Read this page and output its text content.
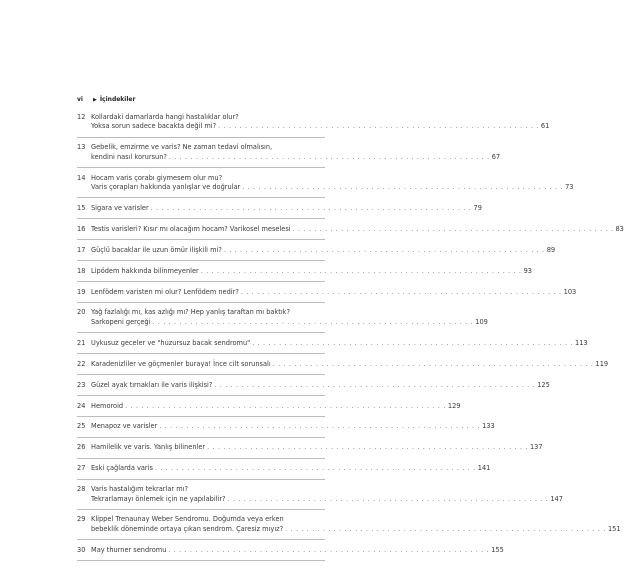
vi ▶ İçindekiler
12 Kollardaki damarlarda hangi hastalıklar olur?
Yoksa sorun sadece bacakta değil mi? . . . . . . . . . . . . . . . . . . . . . . . . . . . . . . . . . . . . . . . . . . . . . . . . . . . . . . . . . . . . 61
13 Gebelik, emzirme ve varis? Ne zaman tedavi olmalısın,
kendini nasıl korursun? . . . . . . . . . . . . . . . . . . . . . . . . . . . . . . . . . . . . . . . . . . . . . . . . . . . . . . . . . . . . 67
14 Hocam varis çorabı giymesem olur mu?
Varis çorapları hakkında yanlışlar ve doğrular . . . . . . . . . . . . . . . . . . . . . . . . . . . . . . . . . . . . . . . . . . . . . . . . . . . . . . . . . . . . 73
15 Sigara ve varisler . . . . . . . . . . . . . . . . . . . . . . . . . . . . . . . . . . . . . . . . . . . . . . . . . . . . . . . . . . . . 79
16 Testis varisleri? Kısır mı olacağım hocam? Varikosel meselesi . . . . . . . . . . . . . . . . . . . . . . . . . . . . . . . . . . . . . . . . . . . . . . . . . . . . . . . . . . . . 83
17 Güçlü bacaklar ile uzun ömür ilişkili mi? . . . . . . . . . . . . . . . . . . . . . . . . . . . . . . . . . . . . . . . . . . . . . . . . . . . . . . . . . . . . 89
18 Lipödem hakkında bilinmeyenler . . . . . . . . . . . . . . . . . . . . . . . . . . . . . . . . . . . . . . . . . . . . . . . . . . . . . . . . . . . . 93
19 Lenfödem varisten mi olur? Lenfödem nedir? . . . . . . . . . . . . . . . . . . . . . . . . . . . . . . . . . . . . . . . . . . . . . . . . . . . . . . . . . . . . 103
20 Yağ fazlalığı mı, kas azlığı mı? Hep yanlış taraftan mı baktık?
Sarkopeni gerçeği . . . . . . . . . . . . . . . . . . . . . . . . . . . . . . . . . . . . . . . . . . . . . . . . . . . . . . . . . . . . 109
21 Uykusuz geceler ve "huzursuz bacak sendromu" . . . . . . . . . . . . . . . . . . . . . . . . . . . . . . . . . . . . . . . . . . . . . . . . . . . . . . . . . . . . 113
22 Karadenizliler ve göçmenler buraya! İnce cilt sorunsalı . . . . . . . . . . . . . . . . . . . . . . . . . . . . . . . . . . . . . . . . . . . . . . . . . . . . . . . . . . . . 119
23 Güzel ayak tırnakları ile varis ilişkisi? . . . . . . . . . . . . . . . . . . . . . . . . . . . . . . . . . . . . . . . . . . . . . . . . . . . . . . . . . . . . 125
24 Hemoroid . . . . . . . . . . . . . . . . . . . . . . . . . . . . . . . . . . . . . . . . . . . . . . . . . . . . . . . . . . . . 129
25 Menapoz ve varisler . . . . . . . . . . . . . . . . . . . . . . . . . . . . . . . . . . . . . . . . . . . . . . . . . . . . . . . . . . . . 133
26 Hamilelik ve varis. Yanlış bilinenler . . . . . . . . . . . . . . . . . . . . . . . . . . . . . . . . . . . . . . . . . . . . . . . . . . . . . . . . . . . . 137
27 Eski çağlarda varis . . . . . . . . . . . . . . . . . . . . . . . . . . . . . . . . . . . . . . . . . . . . . . . . . . . . . . . . . . . . 141
28 Varis hastalığım tekrarlar mı?
Tekrarlamayı önlemek için ne yapılabilir? . . . . . . . . . . . . . . . . . . . . . . . . . . . . . . . . . . . . . . . . . . . . . . . . . . . . . . . . . . . . 147
29 Klippel Trenaunay Weber Sendromu. Doğumda veya erken
bebeklik döneminde ortaya çıkan sendrom. Çaresiz mıyız? . . . . . . . . . . . . . . . . . . . . . . . . . . . . . . . . . . . . . . . . . . . . . . . . . . . . . . . . . . . . 151
30 May thurner sendromu . . . . . . . . . . . . . . . . . . . . . . . . . . . . . . . . . . . . . . . . . . . . . . . . . . . . . . . . . . . . 155
